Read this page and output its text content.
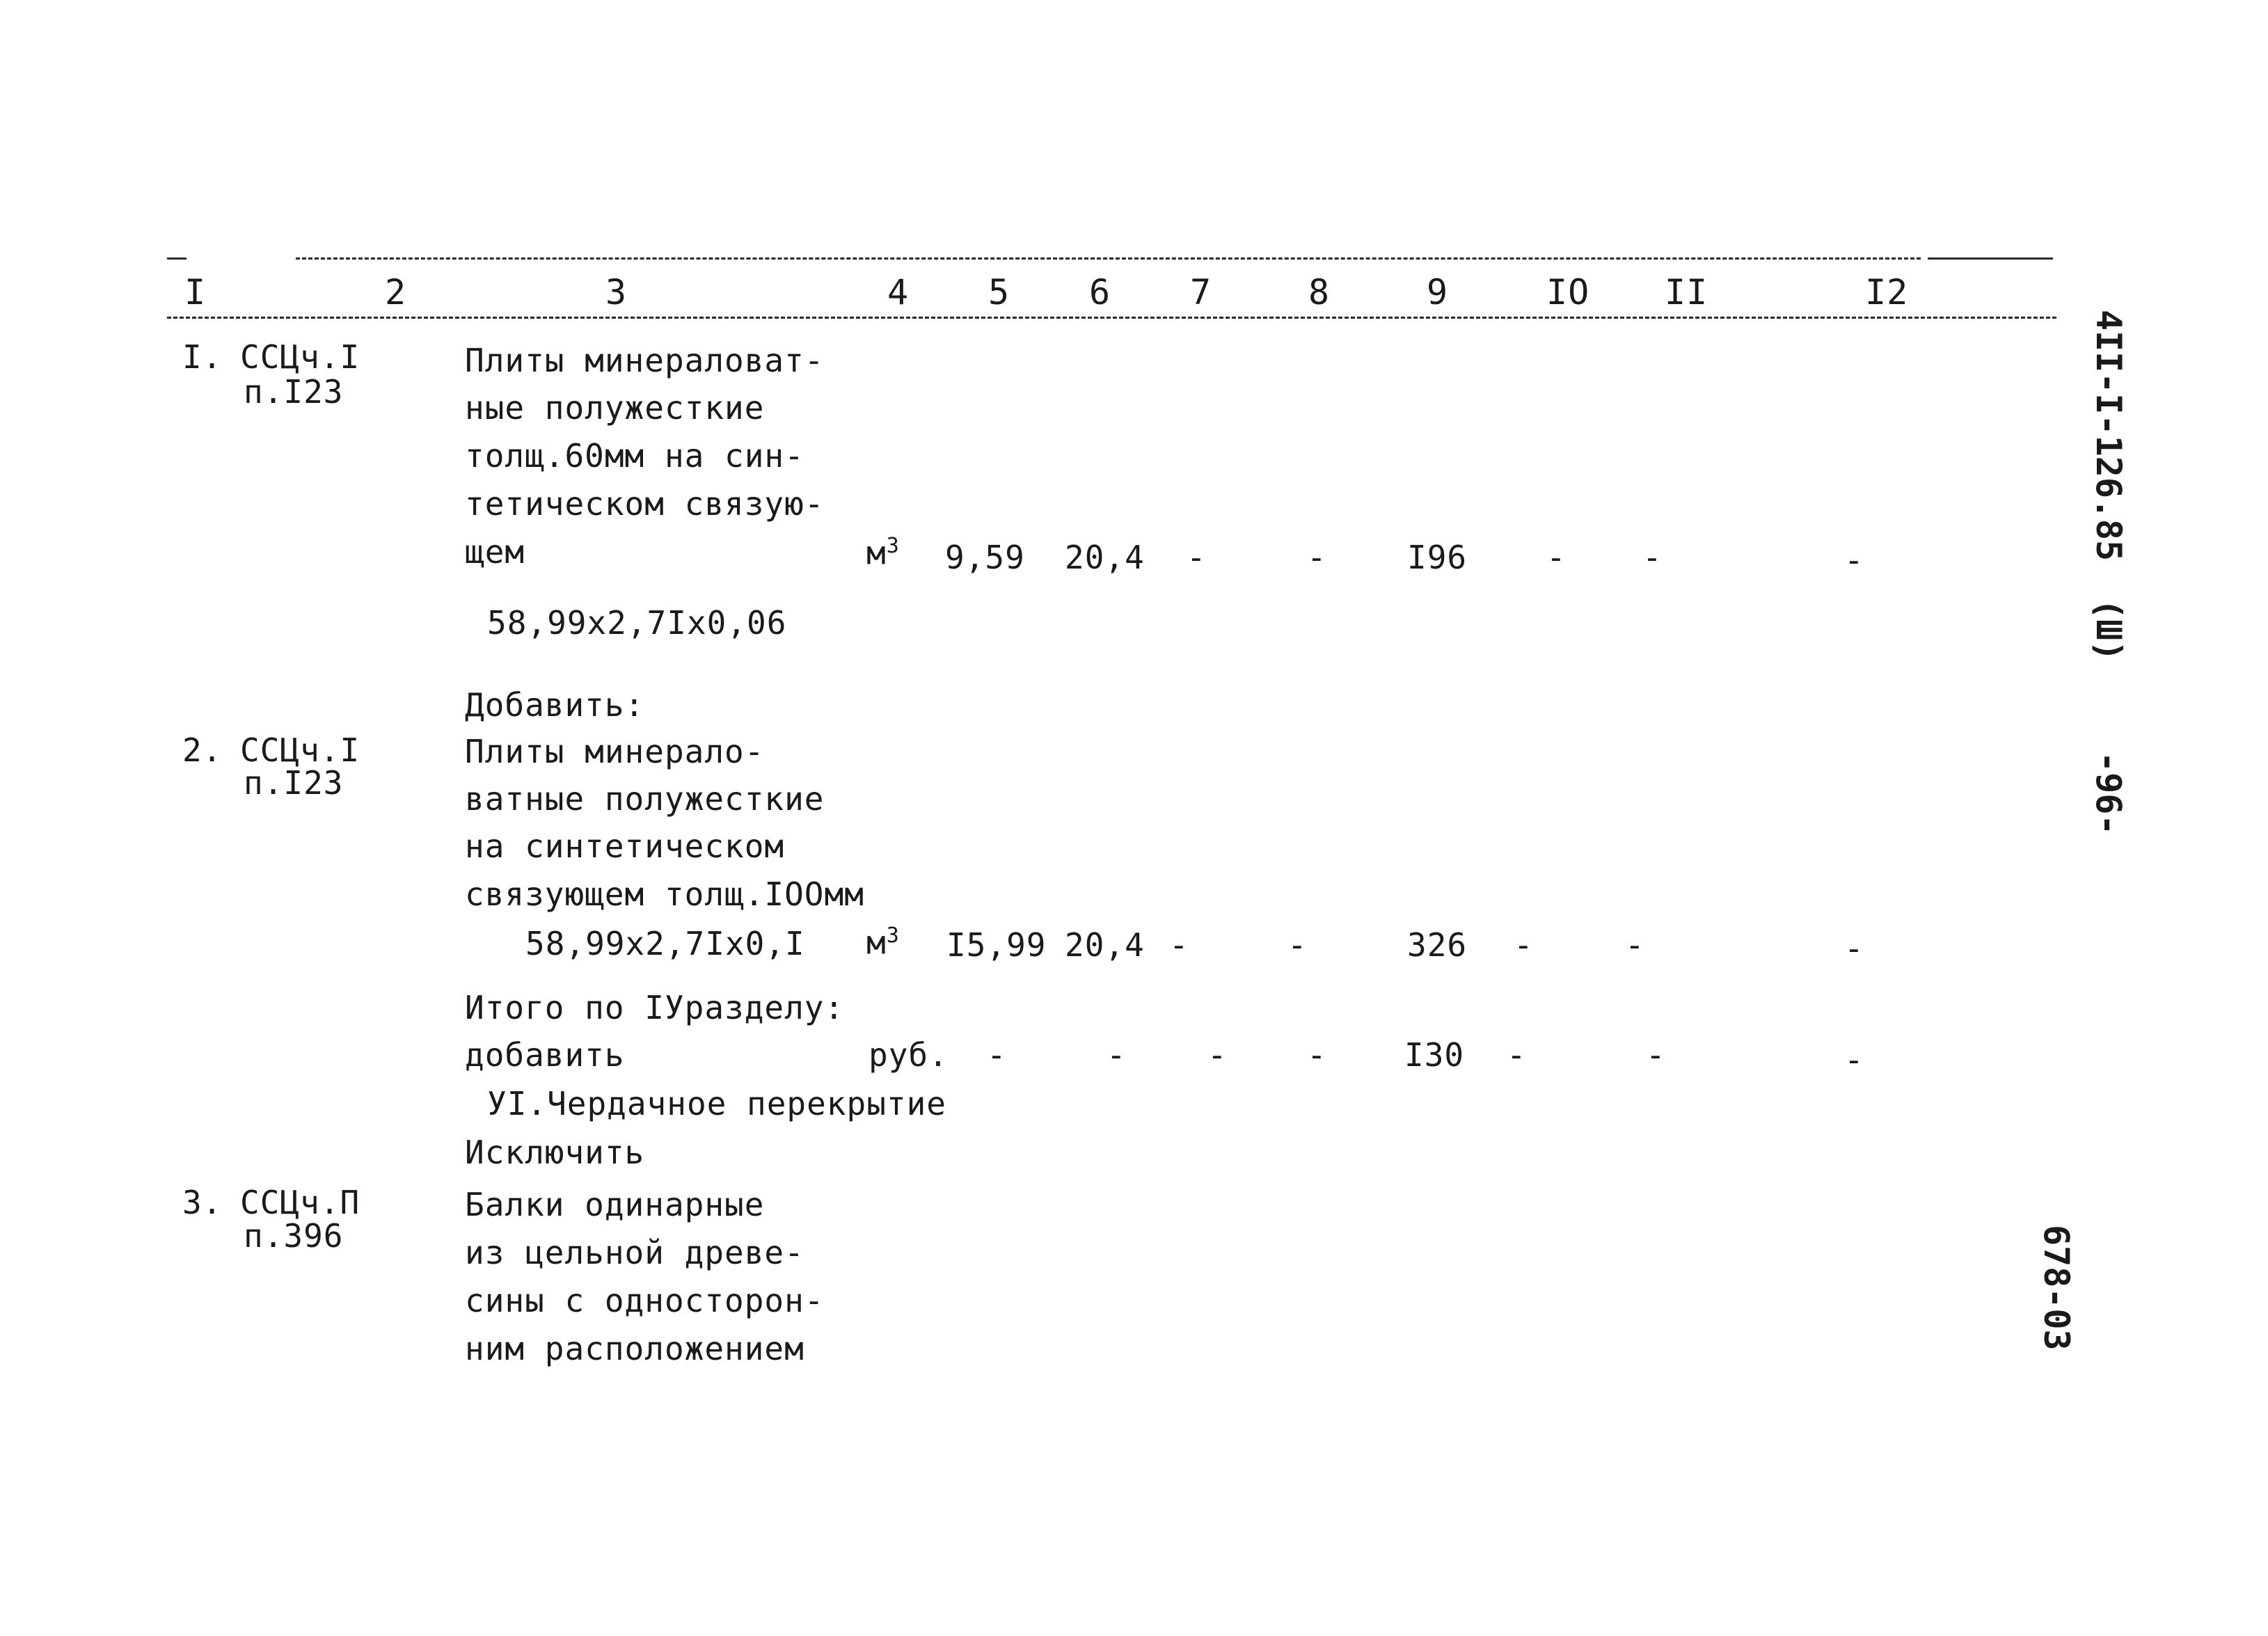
I	2	3	4 5 6 7	8	9	IO II	I2
I. ССЦч.I
п.I23
Плиты минераловат-
ные полужесткие
толщ.60мм на син-
тетическом связую-
щем	$м^3$ 9,59 20,4 -	-	I96 - -	-
58,99x2,7Ix0,06
Добавить:
2. ССЦч.I
п.I23
Плиты минерало-
ватные полужесткие
на синтетическом
связующем толщ.IOOмм
58,99x2,7Ix0,I $м^3$ I5,99 20,4 -	-	326 -	-	-
Итого по IУразделу:
добавить	руб. -	-	- - I30 -	-	-
УI.Чердачное перекрытие
Исключить
3. ССЦч.П
п.396
Балки одинарные
из цельной древе-
сины с односторон-
ним расположением
4II-I-126.85
(Ш)
-96-
678-03
